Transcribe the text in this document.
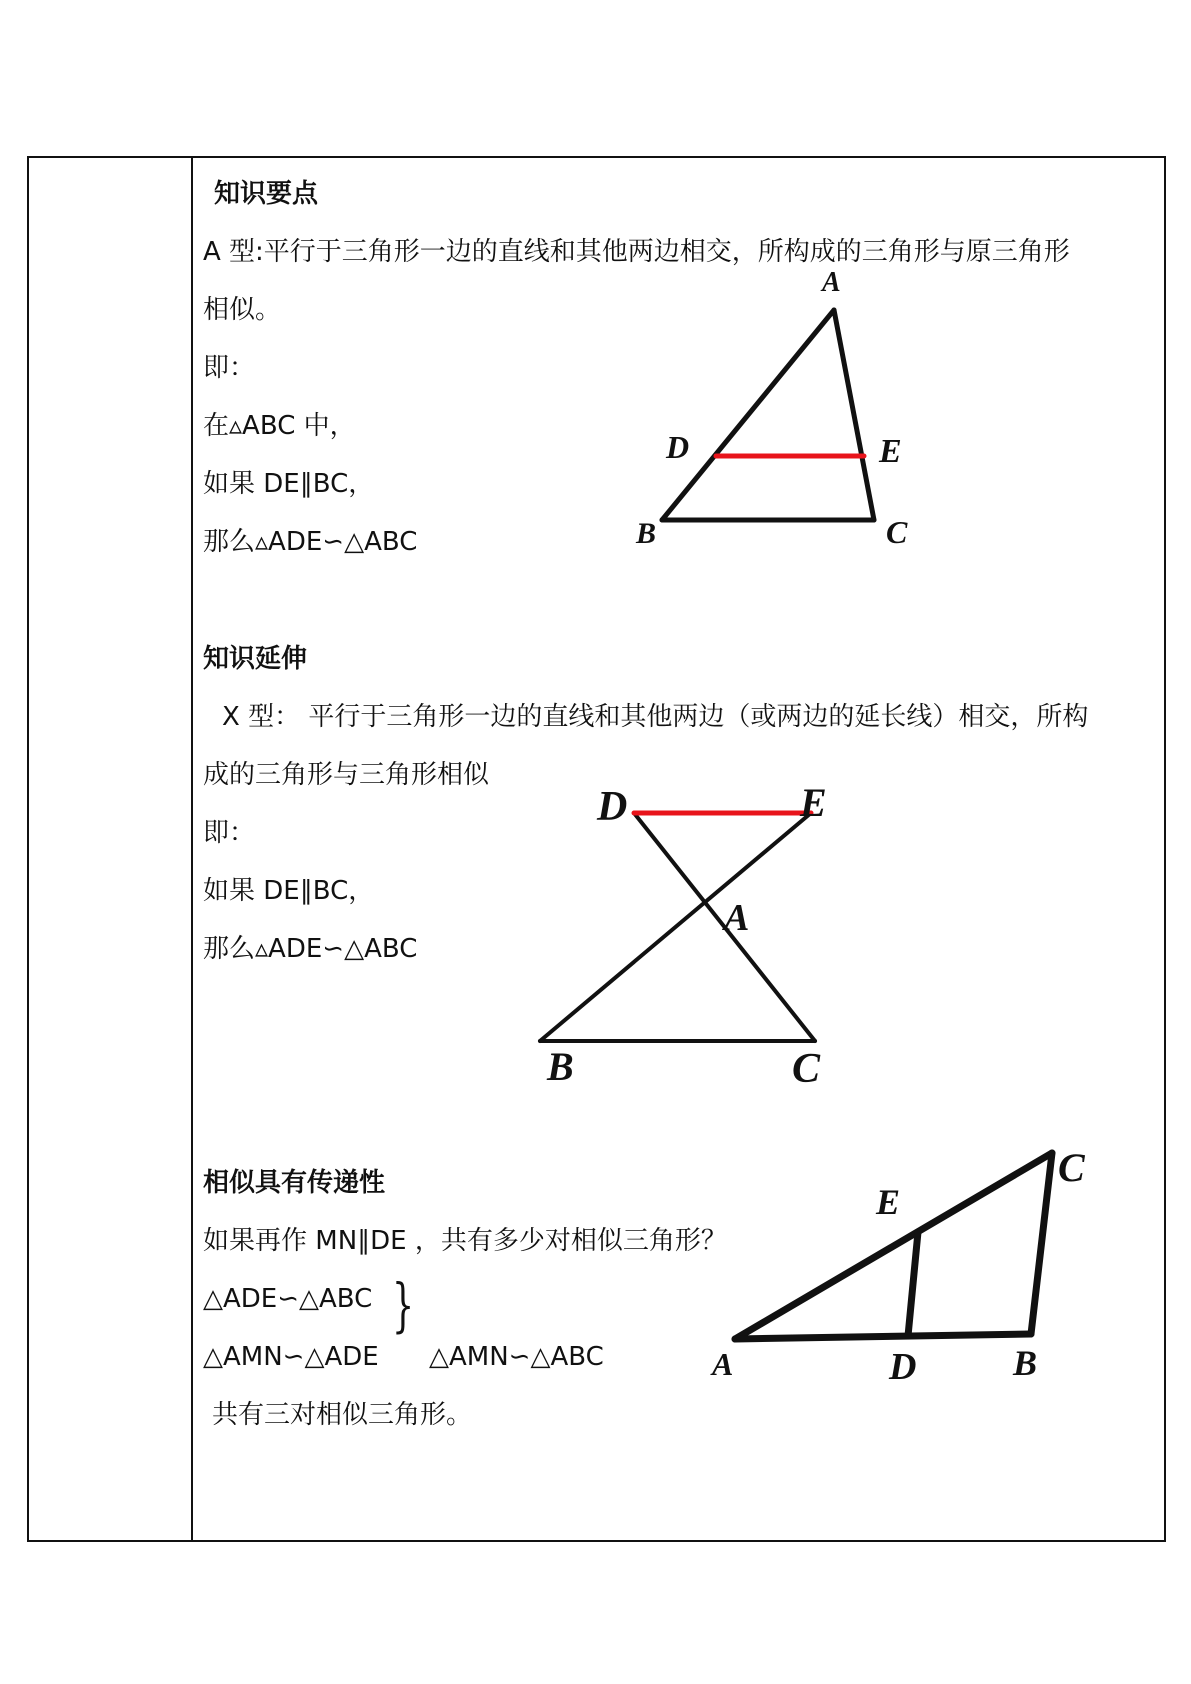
知识要点
A 型:平行于三角形一边的直线和其他两边相交，所构成的三角形与原三角形
相似。
即：
在▵ABC 中，
如果 DE∥BC，
那么▵ADE∽△ABC
知识延伸
X 型： 平行于三角形一边的直线和其他两边（或两边的延长线）相交，所构
成的三角形与三角形相似
即：
如果 DE∥BC，
那么▵ADE∽△ABC
相似具有传递性
如果再作 MN∥DE ，共有多少对相似三角形？
△ADE∽△ABC
△AMN∽△ADE
}
△AMN∽△ABC
共有三对相似三角形。
A
D	E
B	C
D	E
A
B	C
E
C
A	D	B
